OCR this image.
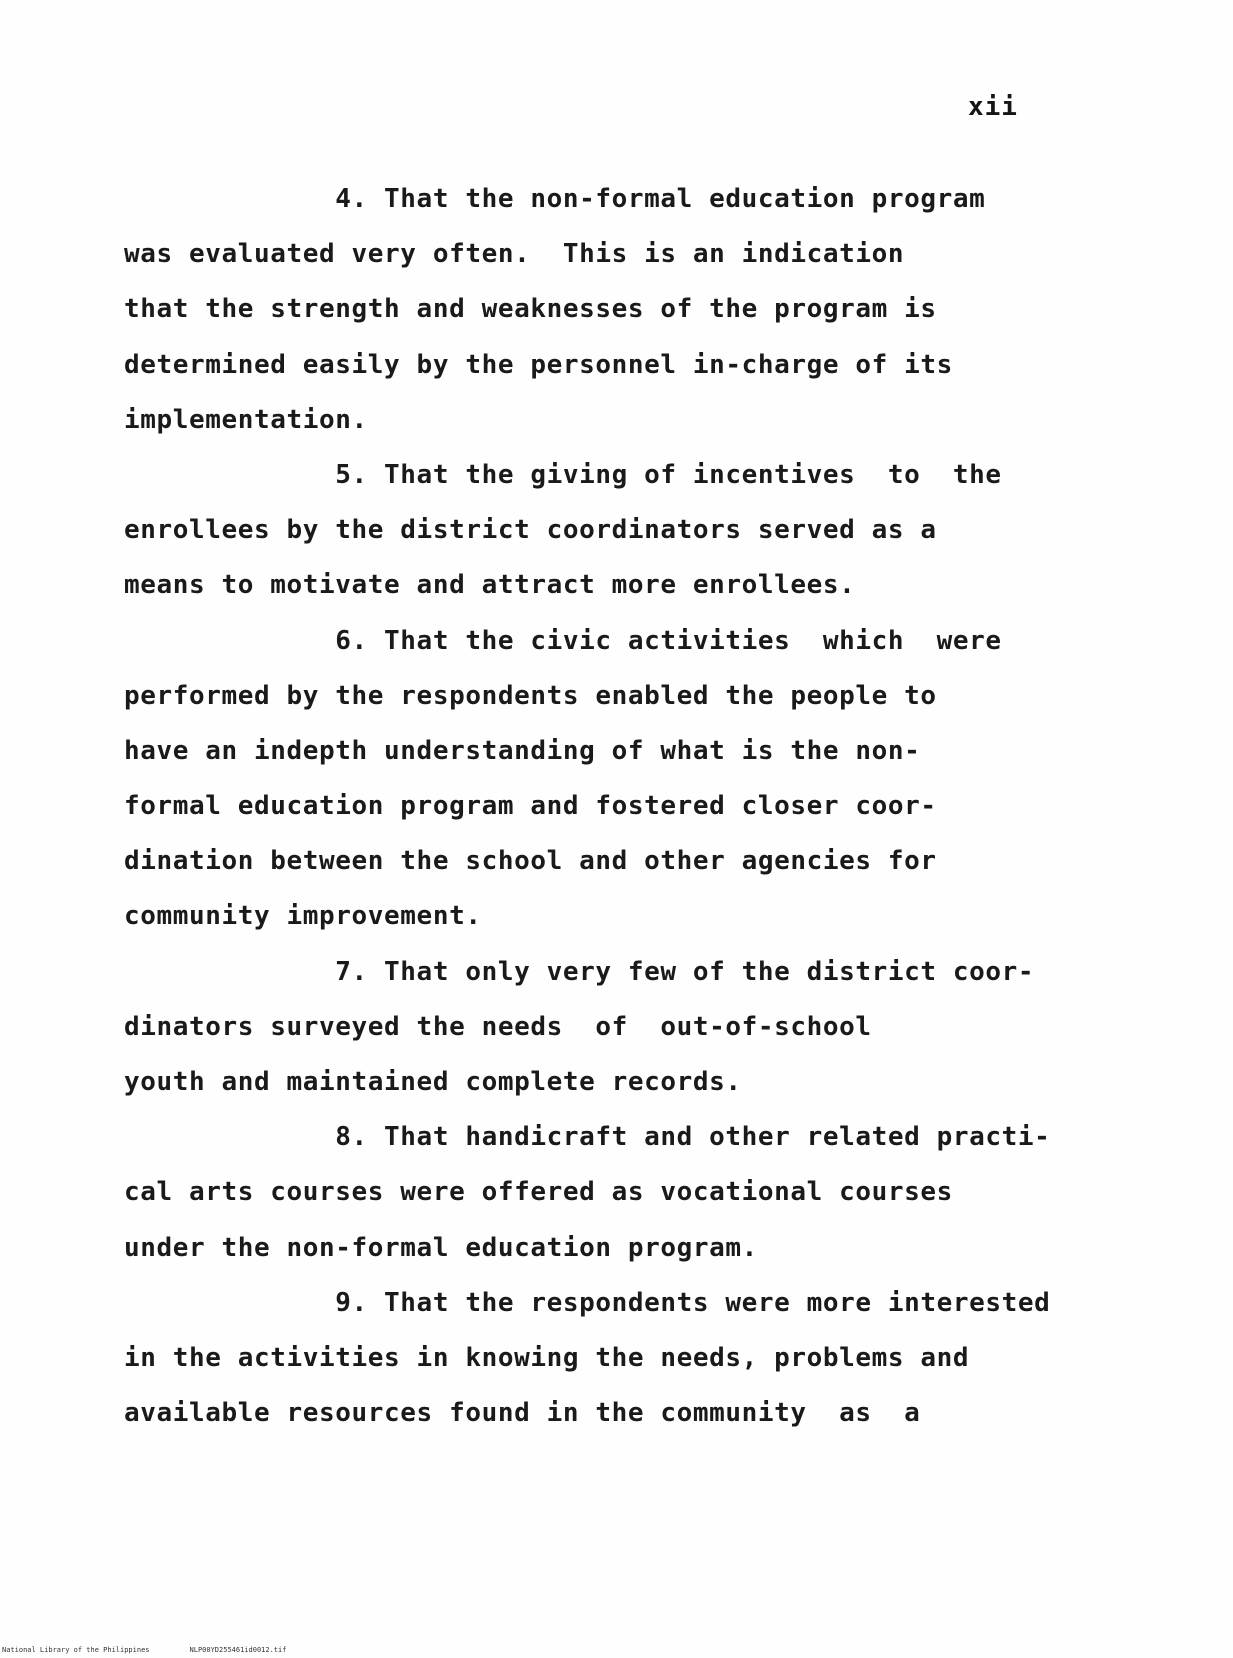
xii
4. That the non-formal education program
was evaluated very often.  This is an indication
that the strength and weaknesses of the program is
determined easily by the personnel in-charge of its
implementation.
5. That the giving of incentives  to  the
enrollees by the district coordinators served as a
means to motivate and attract more enrollees.
6. That the civic activities  which  were
performed by the respondents enabled the people to
have an indepth understanding of what is the non-
formal education program and fostered closer coor-
dination between the school and other agencies for
community improvement.
7. That only very few of the district coor-
dinators surveyed the needs  of  out-of-school
youth and maintained complete records.
8. That handicraft and other related practi-
cal arts courses were offered as vocational courses
under the non-formal education program.
9. That the respondents were more interested
in the activities in knowing the needs, problems and
available resources found in the community  as  a
National Library of the Philippines	NLP00YD255461id0012.tif
